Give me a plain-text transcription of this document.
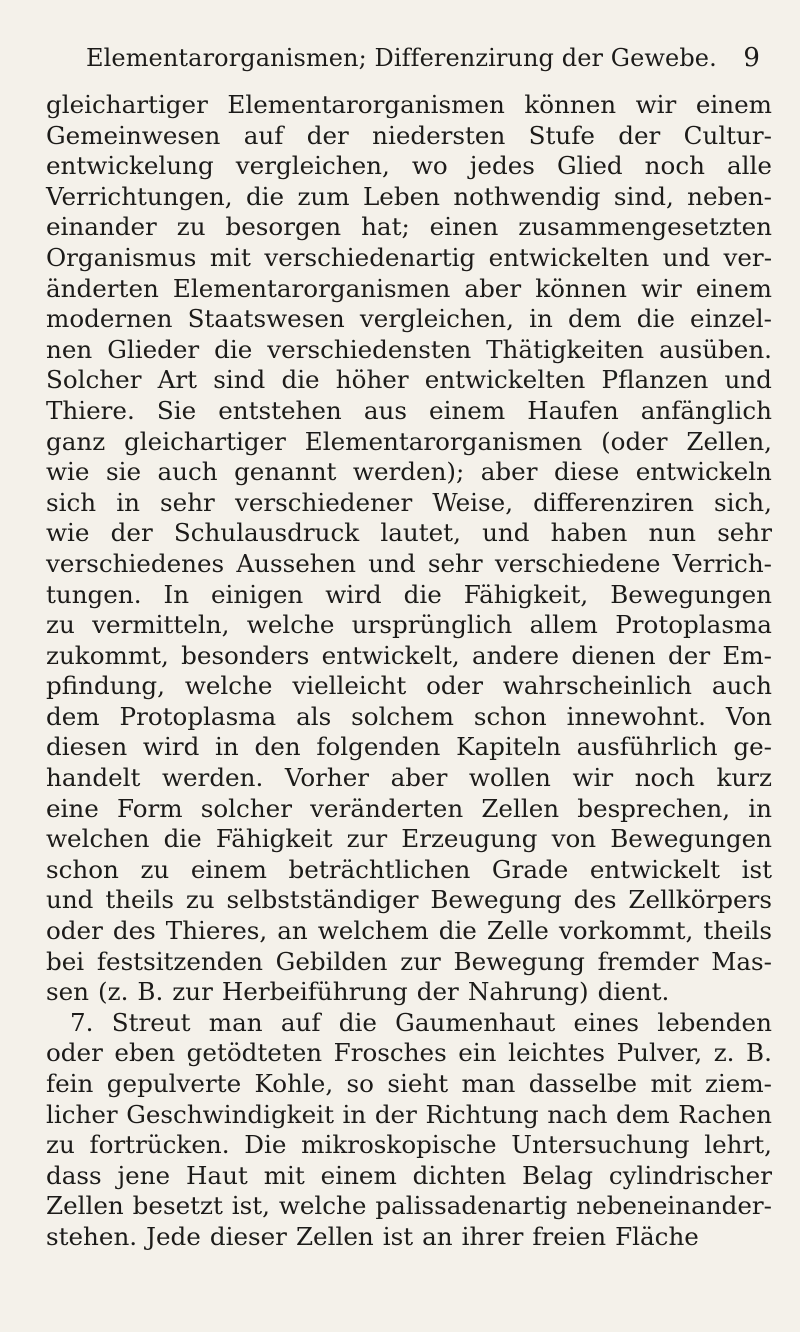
Elementarorganismen; Differenzirung der Gewebe. 9
gleichartiger Elementarorganismen können wir einem
Gemeinwesen auf der niedersten Stufe der Cultur-
entwickelung vergleichen, wo jedes Glied noch alle
Verrichtungen, die zum Leben nothwendig sind, neben-
einander zu besorgen hat; einen zusammengesetzten
Organismus mit verschiedenartig entwickelten und ver-
änderten Elementarorganismen aber können wir einem
modernen Staatswesen vergleichen, in dem die einzel-
nen Glieder die verschiedensten Thätigkeiten ausüben.
Solcher Art sind die höher entwickelten Pflanzen und
Thiere. Sie entstehen aus einem Haufen anfänglich
ganz gleichartiger Elementarorganismen (oder Zellen,
wie sie auch genannt werden); aber diese entwickeln
sich in sehr verschiedener Weise, differenziren sich,
wie der Schulausdruck lautet, und haben nun sehr
verschiedenes Aussehen und sehr verschiedene Verrich-
tungen. In einigen wird die Fähigkeit, Bewegungen
zu vermitteln, welche ursprünglich allem Protoplasma
zukommt, besonders entwickelt, andere dienen der Em-
pfindung, welche vielleicht oder wahrscheinlich auch
dem Protoplasma als solchem schon innewohnt. Von
diesen wird in den folgenden Kapiteln ausführlich ge-
handelt werden. Vorher aber wollen wir noch kurz
eine Form solcher veränderten Zellen besprechen, in
welchen die Fähigkeit zur Erzeugung von Bewegungen
schon zu einem beträchtlichen Grade entwickelt ist
und theils zu selbstständiger Bewegung des Zellkörpers
oder des Thieres, an welchem die Zelle vorkommt, theils
bei festsitzenden Gebilden zur Bewegung fremder Mas-
sen (z. B. zur Herbeiführung der Nahrung) dient.
7. Streut man auf die Gaumenhaut eines lebenden
oder eben getödteten Frosches ein leichtes Pulver, z. B.
fein gepulverte Kohle, so sieht man dasselbe mit ziem-
licher Geschwindigkeit in der Richtung nach dem Rachen
zu fortrücken. Die mikroskopische Untersuchung lehrt,
dass jene Haut mit einem dichten Belag cylindrischer
Zellen besetzt ist, welche palissadenartig nebeneinander-
stehen. Jede dieser Zellen ist an ihrer freien Fläche
